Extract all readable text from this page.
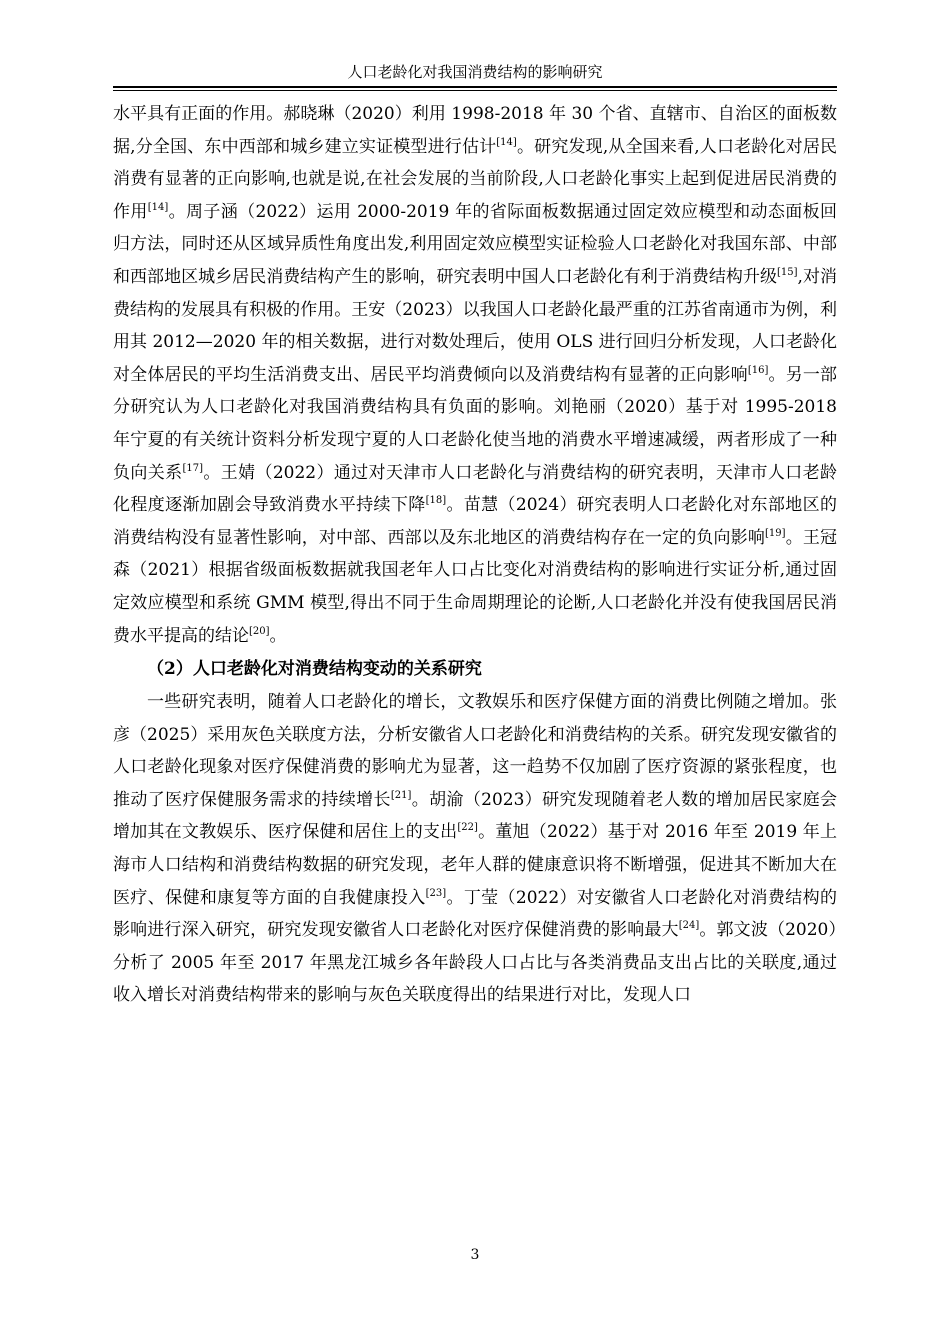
人口老龄化对我国消费结构的影响研究

水平具有正面的作用。郝晓琳（2020）利用 1998-2018 年 30 个省、直辖市、自治区的面板数据,分全国、东中西部和城乡建立实证模型进行估计[14]。研究发现,从全国来看,人口老龄化对居民消费有显著的正向影响,也就是说,在社会发展的当前阶段,人口老龄化事实上起到促进居民消费的作用[14]。周子涵（2022）运用 2000-2019 年的省际面板数据通过固定效应模型和动态面板回归方法，同时还从区域异质性角度出发,利用固定效应模型实证检验人口老龄化对我国东部、中部和西部地区城乡居民消费结构产生的影响，研究表明中国人口老龄化有利于消费结构升级[15],对消费结构的发展具有积极的作用。王安（2023）以我国人口老龄化最严重的江苏省南通市为例，利用其 2012—2020 年的相关数据，进行对数处理后，使用 OLS 进行回归分析发现，人口老龄化对全体居民的平均生活消费支出、居民平均消费倾向以及消费结构有显著的正向影响[16]。另一部分研究认为人口老龄化对我国消费结构具有负面的影响。刘艳丽（2020）基于对 1995-2018 年宁夏的有关统计资料分析发现宁夏的人口老龄化使当地的消费水平增速减缓，两者形成了一种负向关系[17]。王婧（2022）通过对天津市人口老龄化与消费结构的研究表明，天津市人口老龄化程度逐渐加剧会导致消费水平持续下降[18]。苗慧（2024）研究表明人口老龄化对东部地区的消费结构没有显著性影响，对中部、西部以及东北地区的消费结构存在一定的负向影响[19]。王冠森（2021）根据省级面板数据就我国老年人口占比变化对消费结构的影响进行实证分析,通过固定效应模型和系统 GMM 模型,得出不同于生命周期理论的论断,人口老龄化并没有使我国居民消费水平提高的结论[20]。

（2）人口老龄化对消费结构变动的关系研究

一些研究表明，随着人口老龄化的增长，文教娱乐和医疗保健方面的消费比例随之增加。张彦（2025）采用灰色关联度方法，分析安徽省人口老龄化和消费结构的关系。研究发现安徽省的人口老龄化现象对医疗保健消费的影响尤为显著，这一趋势不仅加剧了医疗资源的紧张程度，也推动了医疗保健服务需求的持续增长[21]。胡渝（2023）研究发现随着老人数的增加居民家庭会增加其在文教娱乐、医疗保健和居住上的支出[22]。董旭（2022）基于对 2016 年至 2019 年上海市人口结构和消费结构数据的研究发现，老年人群的健康意识将不断增强，促进其不断加大在医疗、保健和康复等方面的自我健康投入[23]。丁莹（2022）对安徽省人口老龄化对消费结构的影响进行深入研究，研究发现安徽省人口老龄化对医疗保健消费的影响最大[24]。郭文波（2020）分析了 2005 年至 2017 年黑龙江城乡各年龄段人口占比与各类消费品支出占比的关联度,通过收入增长对消费结构带来的影响与灰色关联度得出的结果进行对比，发现人口

3
